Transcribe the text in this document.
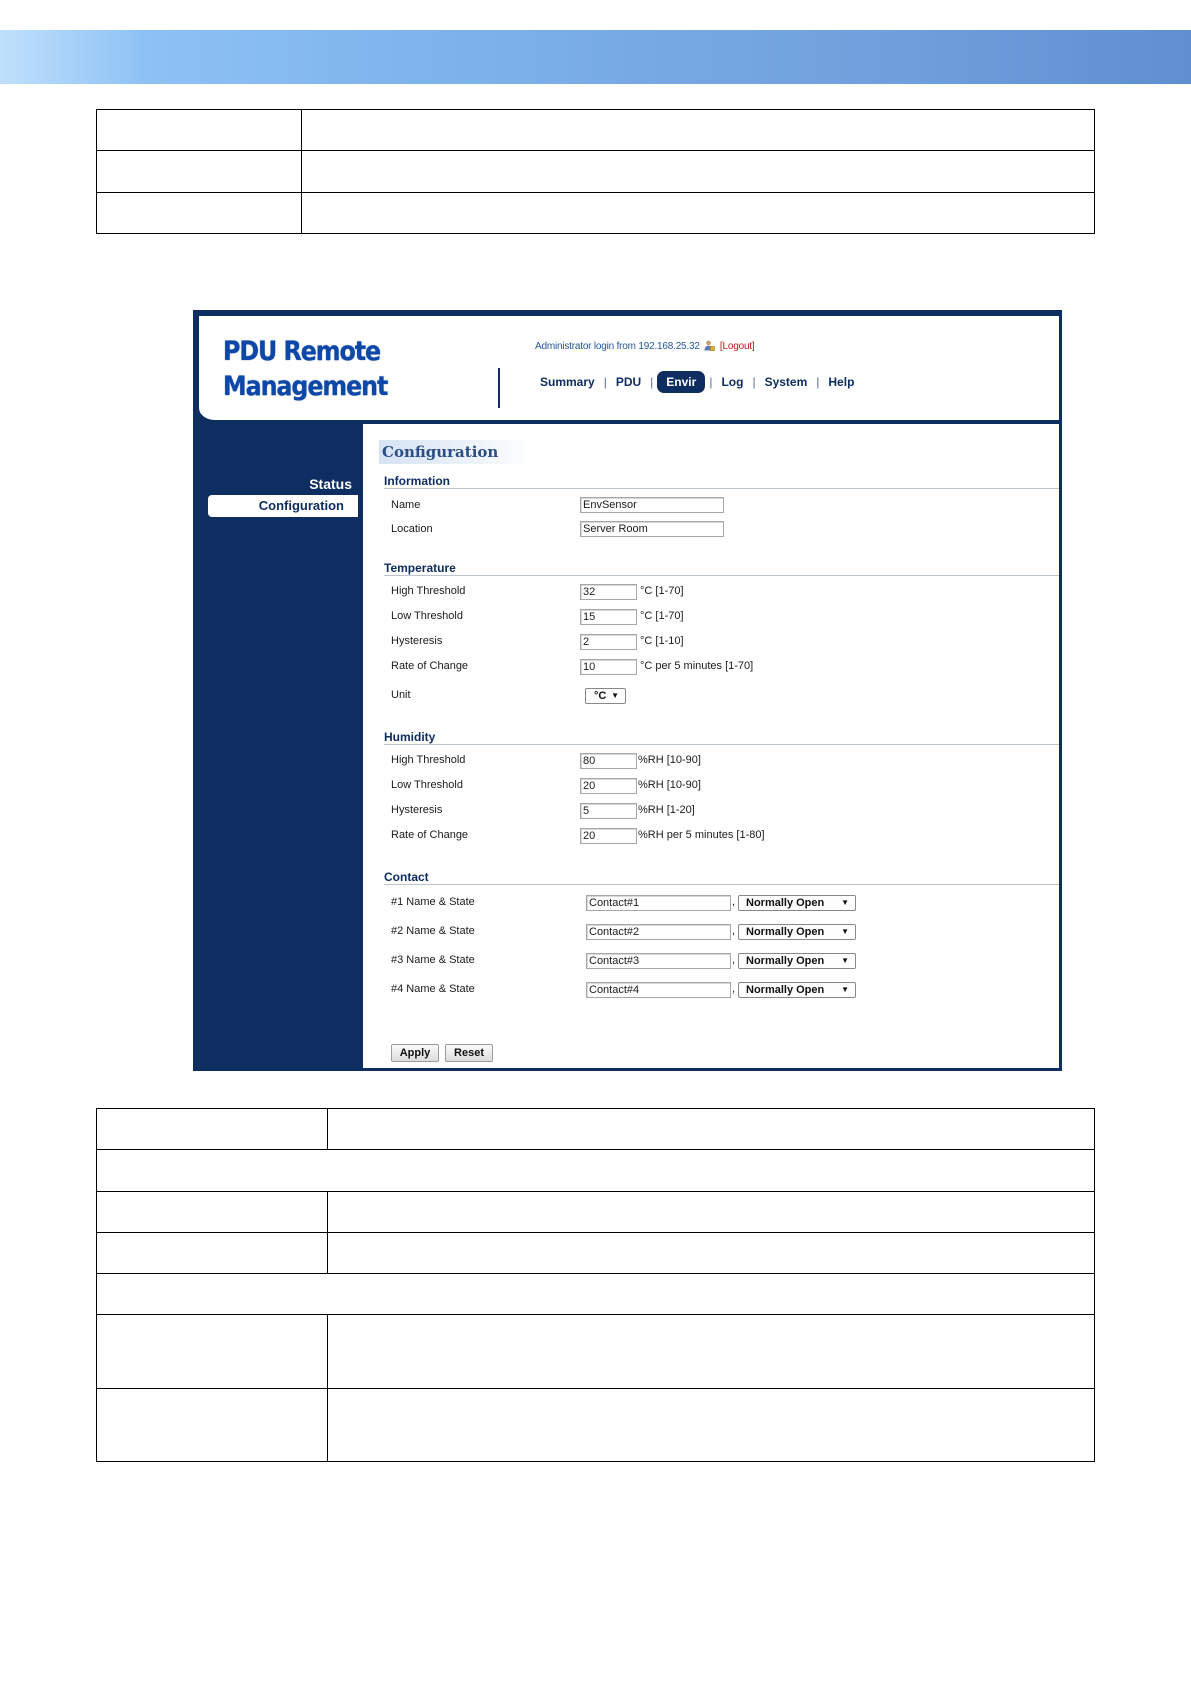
PDU Remote
Management
Administrator login from 192.168.25.32 [Logout]
Summary | PDU |	Envir	| Log | System | Help
Status
Configuration
Configuration
Information
Name	EnvSensor
Location	Server Room
Temperature
High Threshold	32	°C [1-70]
Low Threshold	15	°C [1-70]
Hysteresis	2	°C [1-10]
Rate of Change	10	°C per 5 minutes [1-70]
Unit	°C ▼
Humidity
High Threshold	80	%RH [10-90]
Low Threshold	20	%RH [10-90]
Hysteresis	5	%RH [1-20]
Rate of Change	20	%RH per 5 minutes [1-80]
Contact
#1 Name & State	Contact#1	, Normally Open ▼
#2 Name & State	Contact#2	, Normally Open ▼
#3 Name & State	Contact#3	, Normally Open ▼
#4 Name & State	Contact#4	, Normally Open ▼
Apply	Reset
